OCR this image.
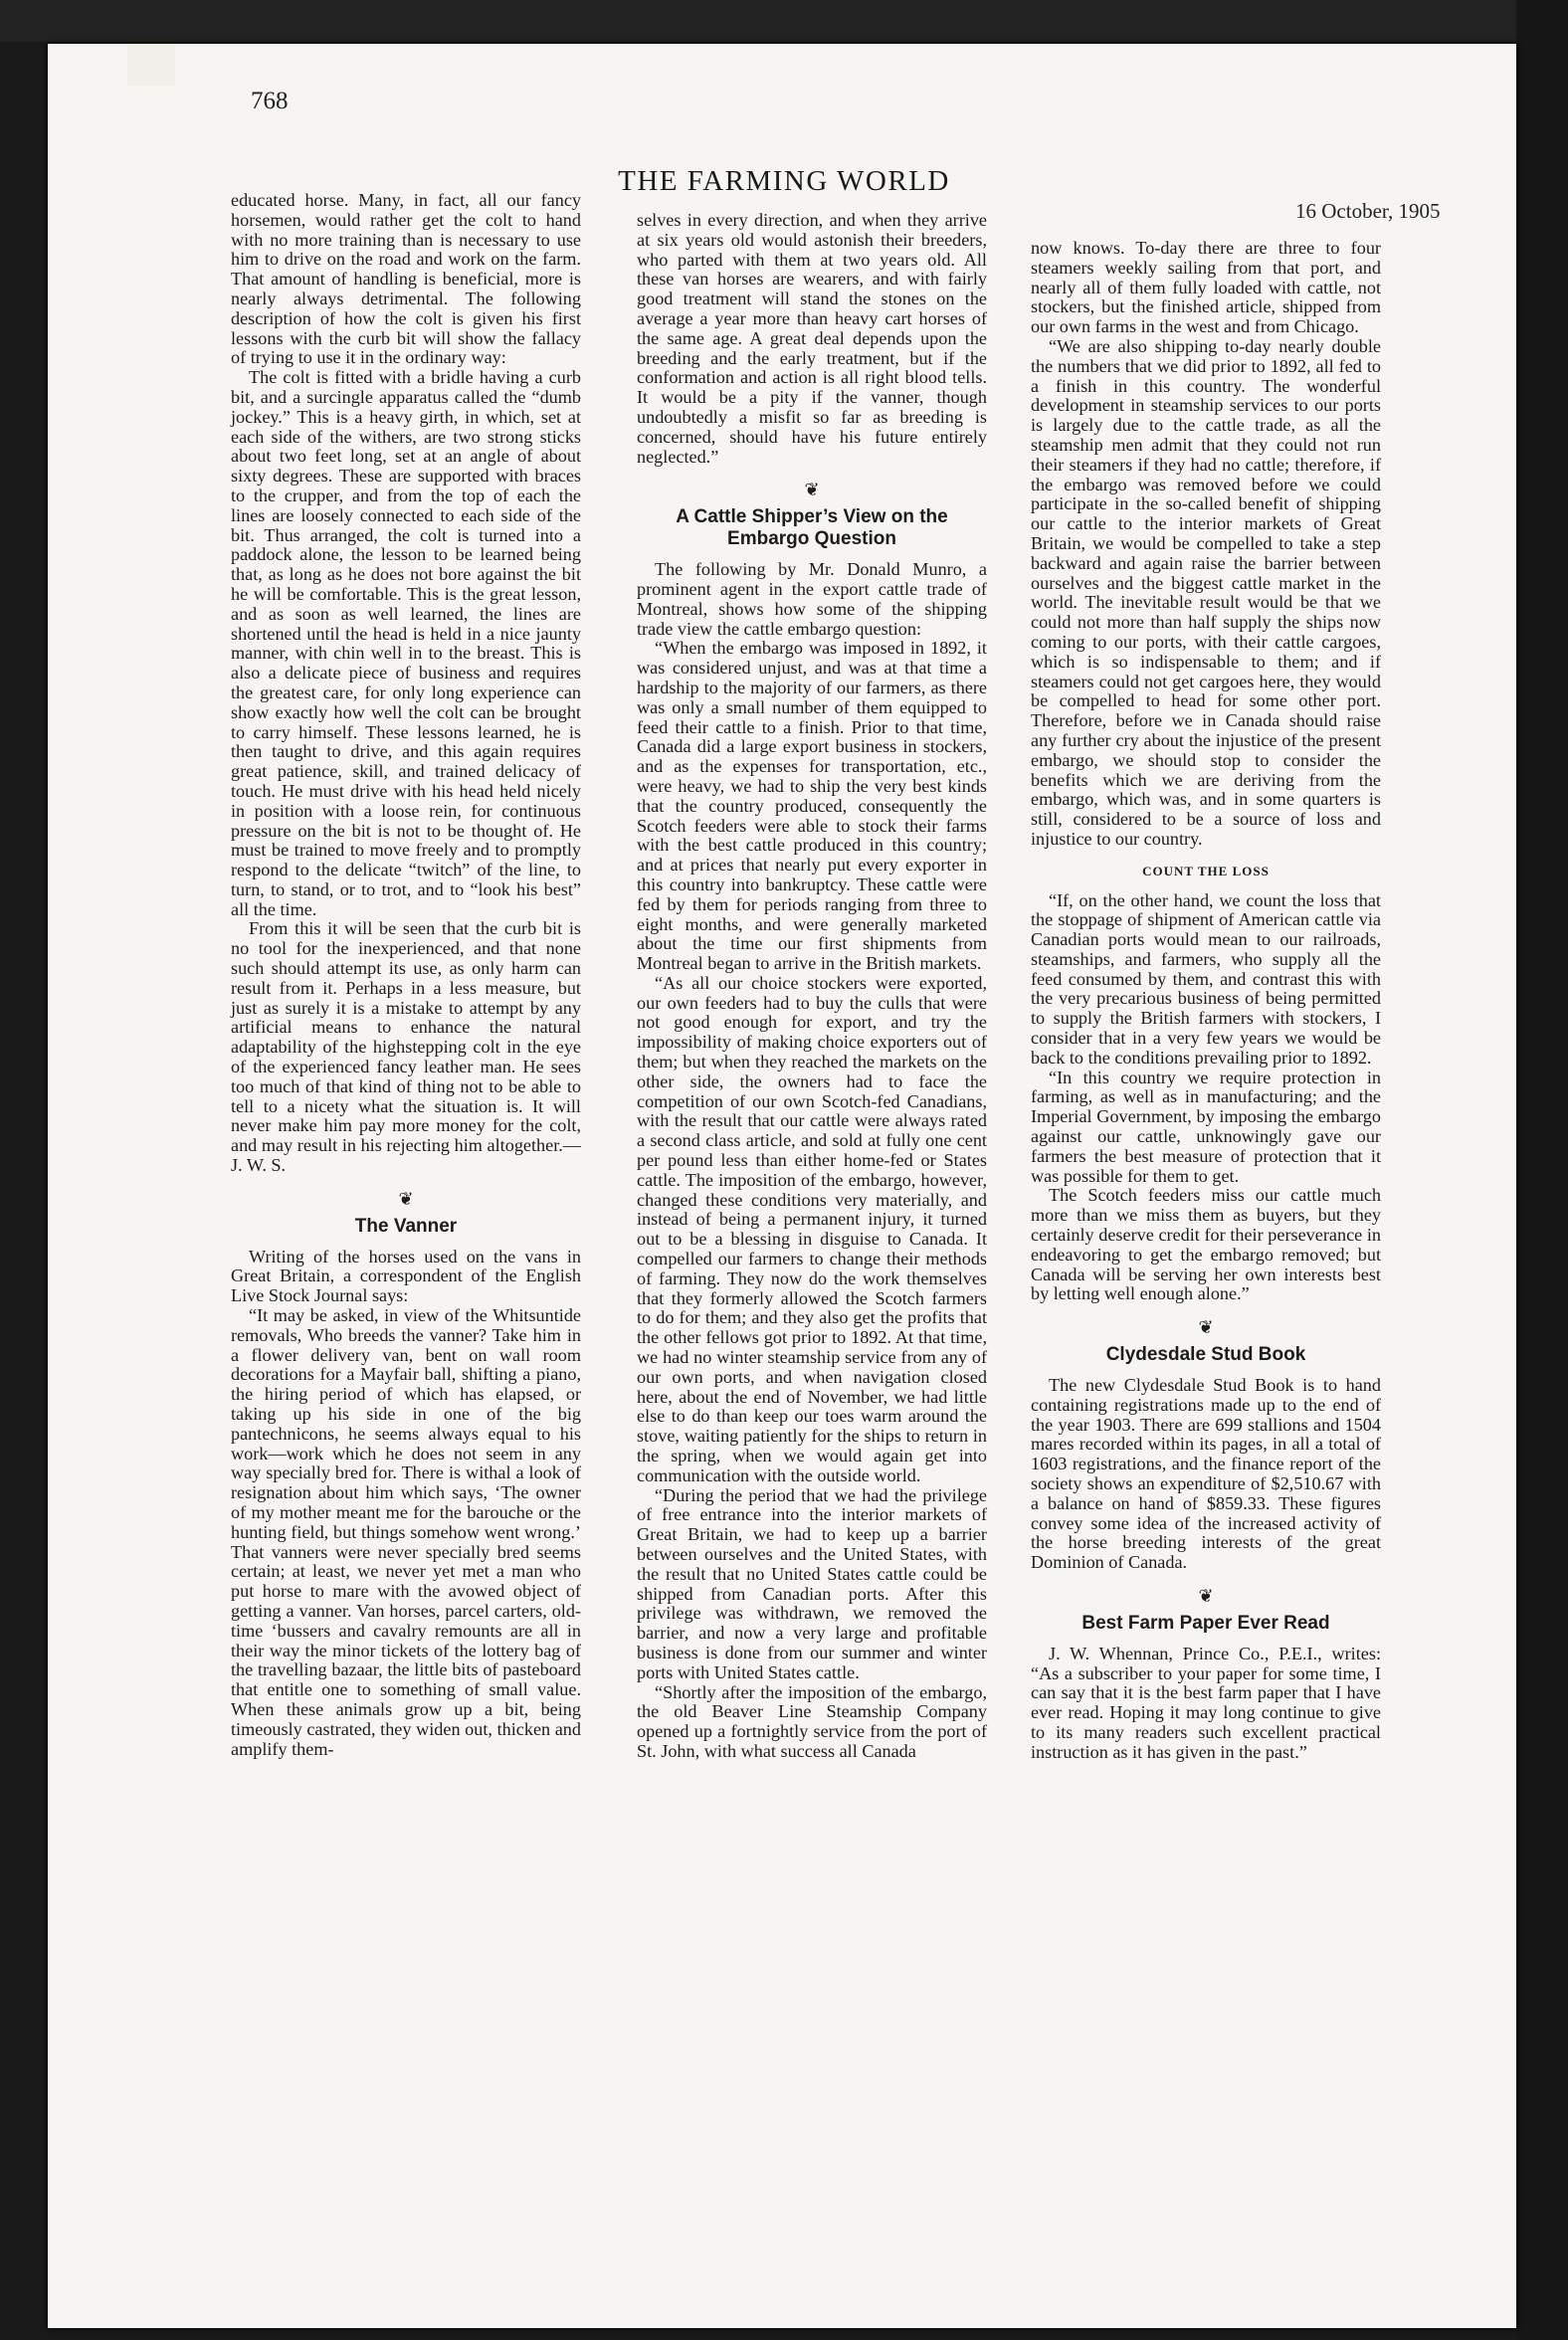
768
THE FARMING WORLD
16 October, 1905

educated horse. Many, in fact, all our fancy horsemen, would rather get the colt to hand with no more training than is necessary to use him to drive on the road and work on the farm. That amount of handling is beneficial, more is nearly always detrimental. The following description of how the colt is given his first lessons with the curb bit will show the fallacy of trying to use it in the ordinary way:

The colt is fitted with a bridle having a curb bit, and a surcingle apparatus called the “dumb jockey.” This is a heavy girth, in which, set at each side of the withers, are two strong sticks about two feet long, set at an angle of about sixty degrees. These are supported with braces to the crupper, and from the top of each the lines are loosely connected to each side of the bit. Thus arranged, the colt is turned into a paddock alone, the lesson to be learned being that, as long as he does not bore against the bit he will be comfortable. This is the great lesson, and as soon as well learned, the lines are shortened until the head is held in a nice jaunty manner, with chin well in to the breast. This is also a delicate piece of business and requires the greatest care, for only long experience can show exactly how well the colt can be brought to carry himself. These lessons learned, he is then taught to drive, and this again requires great patience, skill, and trained delicacy of touch. He must drive with his head held nicely in position with a loose rein, for continuous pressure on the bit is not to be thought of. He must be trained to move freely and to promptly respond to the delicate “twitch” of the line, to turn, to stand, or to trot, and to “look his best” all the time.

From this it will be seen that the curb bit is no tool for the inexperienced, and that none such should attempt its use, as only harm can result from it. Perhaps in a less measure, but just as surely it is a mistake to attempt by any artificial means to enhance the natural adaptability of the highstepping colt in the eye of the experienced fancy leather man. He sees too much of that kind of thing not to be able to tell to a nicety what the situation is. It will never make him pay more money for the colt, and may result in his rejecting him altogether.—J. W. S.

❦
The Vanner

Writing of the horses used on the vans in Great Britain, a correspondent of the English Live Stock Journal says:

“It may be asked, in view of the Whitsuntide removals, Who breeds the vanner? Take him in a flower delivery van, bent on wall room decorations for a Mayfair ball, shifting a piano, the hiring period of which has elapsed, or taking up his side in one of the big pantechnicons, he seems always equal to his work—work which he does not seem in any way specially bred for. There is withal a look of resignation about him which says, ‘The owner of my mother meant me for the barouche or the hunting field, but things somehow went wrong.’ That vanners were never specially bred seems certain; at least, we never yet met a man who put horse to mare with the avowed object of getting a vanner. Van horses, parcel carters, old-time ‘bussers and cavalry remounts are all in their way the minor tickets of the lottery bag of the travelling bazaar, the little bits of pasteboard that entitle one to something of small value. When these animals grow up a bit, being timeously castrated, they widen out, thicken and amplify them-

selves in every direction, and when they arrive at six years old would astonish their breeders, who parted with them at two years old. All these van horses are wearers, and with fairly good treatment will stand the stones on the average a year more than heavy cart horses of the same age. A great deal depends upon the breeding and the early treatment, but if the conformation and action is all right blood tells. It would be a pity if the vanner, though undoubtedly a misfit so far as breeding is concerned, should have his future entirely neglected.”

❦
A Cattle Shipper’s View on the Embargo Question

The following by Mr. Donald Munro, a prominent agent in the export cattle trade of Montreal, shows how some of the shipping trade view the cattle embargo question:

“When the embargo was imposed in 1892, it was considered unjust, and was at that time a hardship to the majority of our farmers, as there was only a small number of them equipped to feed their cattle to a finish. Prior to that time, Canada did a large export business in stockers, and as the expenses for transportation, etc., were heavy, we had to ship the very best kinds that the country produced, consequently the Scotch feeders were able to stock their farms with the best cattle produced in this country; and at prices that nearly put every exporter in this country into bankruptcy. These cattle were fed by them for periods ranging from three to eight months, and were generally marketed about the time our first shipments from Montreal began to arrive in the British markets.

“As all our choice stockers were exported, our own feeders had to buy the culls that were not good enough for export, and try the impossibility of making choice exporters out of them; but when they reached the markets on the other side, the owners had to face the competition of our own Scotch-fed Canadians, with the result that our cattle were always rated a second class article, and sold at fully one cent per pound less than either home-fed or States cattle. The imposition of the embargo, however, changed these conditions very materially, and instead of being a permanent injury, it turned out to be a blessing in disguise to Canada. It compelled our farmers to change their methods of farming. They now do the work themselves that they formerly allowed the Scotch farmers to do for them; and they also get the profits that the other fellows got prior to 1892. At that time, we had no winter steamship service from any of our own ports, and when navigation closed here, about the end of November, we had little else to do than keep our toes warm around the stove, waiting patiently for the ships to return in the spring, when we would again get into communication with the outside world.

“During the period that we had the privilege of free entrance into the interior markets of Great Britain, we had to keep up a barrier between ourselves and the United States, with the result that no United States cattle could be shipped from Canadian ports. After this privilege was withdrawn, we removed the barrier, and now a very large and profitable business is done from our summer and winter ports with United States cattle.

“Shortly after the imposition of the embargo, the old Beaver Line Steamship Company opened up a fortnightly service from the port of St. John, with what success all Canada

now knows. To-day there are three to four steamers weekly sailing from that port, and nearly all of them fully loaded with cattle, not stockers, but the finished article, shipped from our own farms in the west and from Chicago.

“We are also shipping to-day nearly double the numbers that we did prior to 1892, all fed to a finish in this country. The wonderful development in steamship services to our ports is largely due to the cattle trade, as all the steamship men admit that they could not run their steamers if they had no cattle; therefore, if the embargo was removed before we could participate in the so-called benefit of shipping our cattle to the interior markets of Great Britain, we would be compelled to take a step backward and again raise the barrier between ourselves and the biggest cattle market in the world. The inevitable result would be that we could not more than half supply the ships now coming to our ports, with their cattle cargoes, which is so indispensable to them; and if steamers could not get cargoes here, they would be compelled to head for some other port. Therefore, before we in Canada should raise any further cry about the injustice of the present embargo, we should stop to consider the benefits which we are deriving from the embargo, which was, and in some quarters is still, considered to be a source of loss and injustice to our country.

COUNT THE LOSS

“If, on the other hand, we count the loss that the stoppage of shipment of American cattle via Canadian ports would mean to our railroads, steamships, and farmers, who supply all the feed consumed by them, and contrast this with the very precarious business of being permitted to supply the British farmers with stockers, I consider that in a very few years we would be back to the conditions prevailing prior to 1892.

“In this country we require protection in farming, as well as in manufacturing; and the Imperial Government, by imposing the embargo against our cattle, unknowingly gave our farmers the best measure of protection that it was possible for them to get.

The Scotch feeders miss our cattle much more than we miss them as buyers, but they certainly deserve credit for their perseverance in endeavoring to get the embargo removed; but Canada will be serving her own interests best by letting well enough alone.”

❦
Clydesdale Stud Book

The new Clydesdale Stud Book is to hand containing registrations made up to the end of the year 1903. There are 699 stallions and 1504 mares recorded within its pages, in all a total of 1603 registrations, and the finance report of the society shows an expenditure of $2,510.67 with a balance on hand of $859.33. These figures convey some idea of the increased activity of the horse breeding interests of the great Dominion of Canada.

❦
Best Farm Paper Ever Read

J. W. Whennan, Prince Co., P.E.I., writes: “As a subscriber to your paper for some time, I can say that it is the best farm paper that I have ever read. Hoping it may long continue to give to its many readers such excellent practical instruction as it has given in the past.”
